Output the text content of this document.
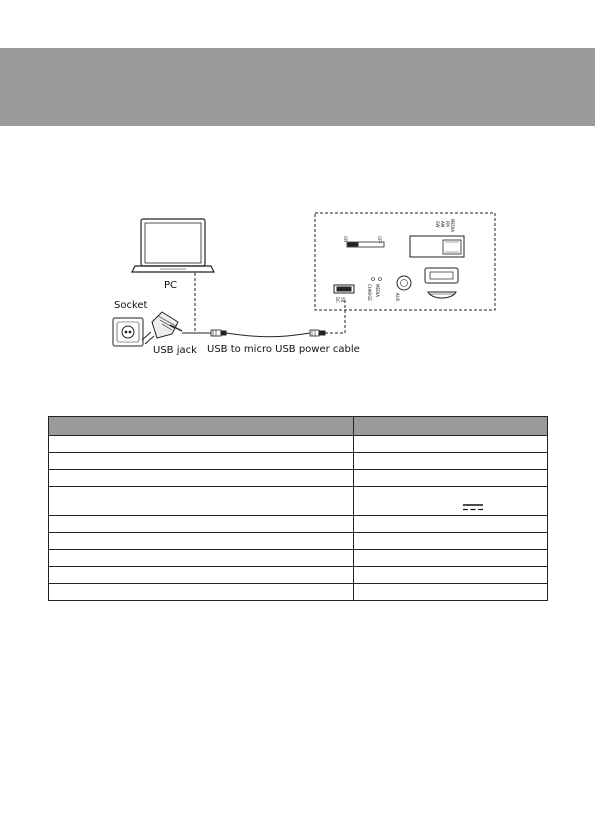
PC
Socket
USB jack USB to micro USB power cable
ON	OFF
SW AM FM MEDIA
AUX
DC 5V	CHARGE MEDIA
